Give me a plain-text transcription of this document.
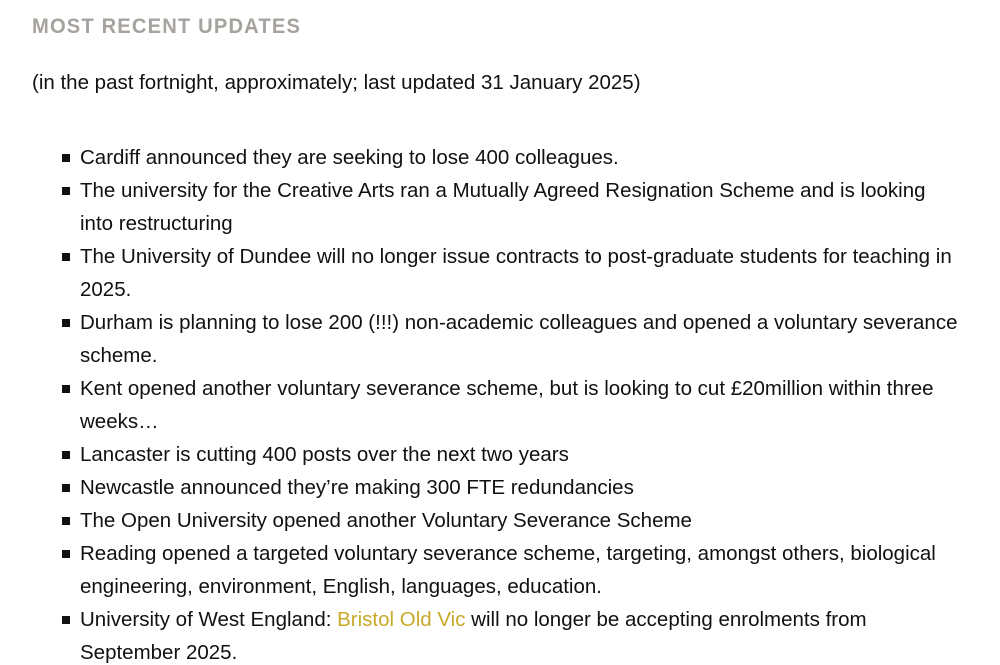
MOST RECENT UPDATES

(in the past fortnight, approximately; last updated 31 January 2025)

Cardiff announced they are seeking to lose 400 colleagues.
The university for the Creative Arts ran a Mutually Agreed Resignation Scheme and is looking into restructuring
The University of Dundee will no longer issue contracts to post-graduate students for teaching in 2025.
Durham is planning to lose 200 (!!!) non-academic colleagues and opened a voluntary severance scheme.
Kent opened another voluntary severance scheme, but is looking to cut £20million within three weeks…
Lancaster is cutting 400 posts over the next two years
Newcastle announced they’re making 300 FTE redundancies
The Open University opened another Voluntary Severance Scheme
Reading opened a targeted voluntary severance scheme, targeting, amongst others, biological engineering, environment, English, languages, education.
University of West England: Bristol Old Vic will no longer be accepting enrolments from September 2025.
